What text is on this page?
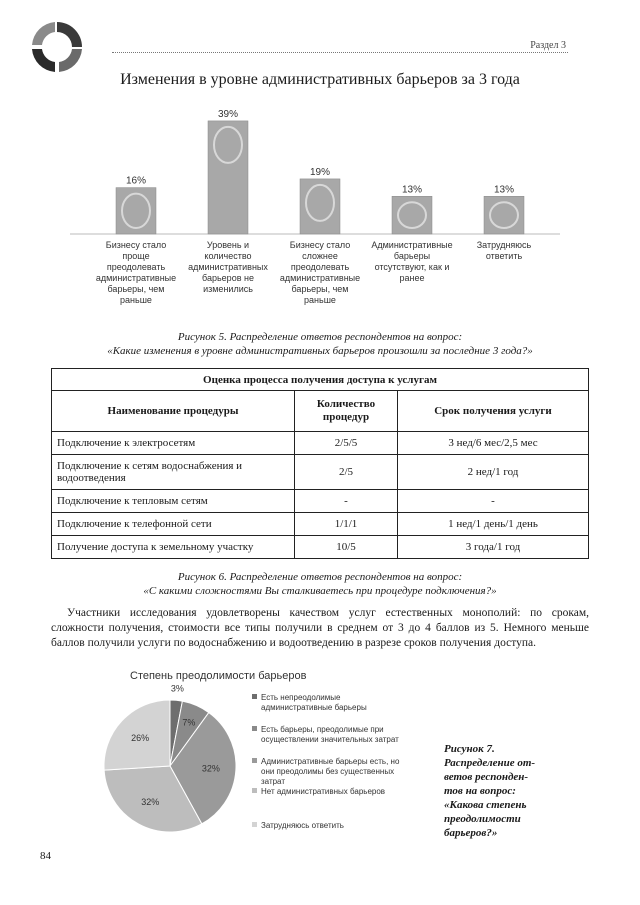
Раздел 3
Изменения в уровне административных барьеров за 3 года
16%
Бизнесу стало проще преодолевать административные барьеры, чем раньше
39%
Уровень и количество административных барьеров не изменились
19%
Бизнесу стало сложнее преодолевать административные барьеры, чем раньше
13%
Административные барьеры отсутствуют, как и ранее
13%
Затрудняюсь ответить
Рисунок 5. Распределение ответов респондентов на вопрос:
«Какие изменения в уровне административных барьеров произошли за последние 3 года?»
Оценка процесса получения доступа к услугам		
Наименование процедуры	Количество процедур	Срок получения услуги
Подключение к электросетям	2/5/5	3 нед/6 мес/2,5 мес
Подключение к сетям водоснабжения и водоотведения	2/5	2 нед/1 год
Подключение к тепловым сетям	-	-
Подключение к телефонной сети	1/1/1	1 нед/1 день/1 день
Получение доступа к земельному участку	10/5	3 года/1 год
Рисунок 6. Распределение ответов респондентов на вопрос:
«С какими сложностями Вы сталкиваетесь при процедуре подключения?»

Участники исследования удовлетворены качеством услуг естественных монополий: по срокам, сложности получения, стоимости все типы получили в среднем от 3 до 4 баллов из 5. Немного меньше баллов получили услуги по водоснабжению и водоотведению в разрезе сроков получения доступа.

Степень преодолимости барьеров
3%
7%
32%
32%
26%
Есть непреодолимые административные барьеры
Есть барьеры, преодолимые при осуществлении значительных затрат
Административные барьеры есть, но они преодолимы без существенных затрат
Нет административных барьеров
Затрудняюсь ответить
Рисунок 7.
Распределение от-
ветов респонден-
тов на вопрос:
«Какова степень
преодолимости
барьеров?»
84
